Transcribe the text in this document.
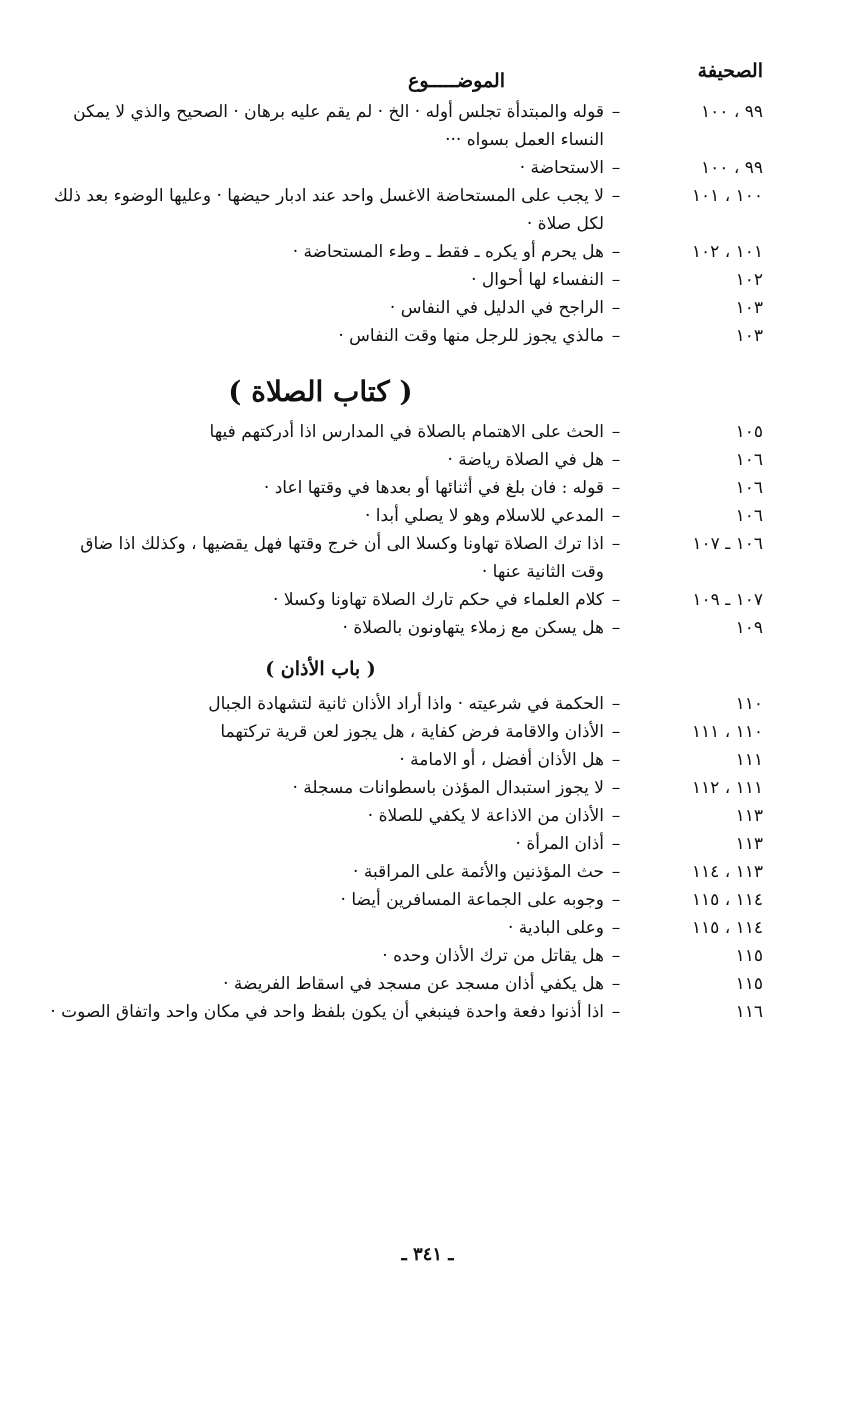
الصحيفة
الموضـــــوع
٩٩ ، ١٠٠
–
قوله والمبتدأة تجلس أوله · الخ · لم يقم عليه برهان · الصحيح والذي لا يمكن النساء العمل بسواه ···
٩٩ ، ١٠٠
–
الاستحاضة ·
١٠٠ ، ١٠١
–
لا يجب على المستحاضة الاغسل واحد عند ادبار حيضها · وعليها الوضوء بعد ذلك لكل صلاة ·
١٠١ ، ١٠٢
–
هل يحرم أو يكره ـ فقط ـ وطء المستحاضة ·
١٠٢
–
النفساء لها أحوال ·
١٠٣
–
الراجح في الدليل في النفاس ·
١٠٣
–
مالذي يجوز للرجل منها وقت النفاس ·
( كتاب الصلاة )
١٠٥
–
الحث على الاهتمام بالصلاة في المدارس اذا أدركتهم فيها
١٠٦
–
هل في الصلاة رياضة ·
١٠٦
–
قوله : فان بلغ في أثنائها أو بعدها في وقتها اعاد ·
١٠٦
–
المدعي للاسلام وهو لا يصلي أبدا ·
١٠٦ ـ ١٠٧
–
اذا ترك الصلاة تهاونا وكسلا الى أن خرج وقتها فهل يقضيها ، وكذلك اذا ضاق وقت الثانية عنها ·
١٠٧ ـ ١٠٩
–
كلام العلماء في حكم تارك الصلاة تهاونا وكسلا ·
١٠٩
–
هل يسكن مع زملاء يتهاونون بالصلاة ·
( باب الأذان )
١١٠
–
الحكمة في شرعيته · واذا أراد الأذان ثانية لتشهادة الجبال
١١٠ ، ١١١
–
الأذان والاقامة فرض كفاية ، هل يجوز لعن قرية تركتهما
١١١
–
هل الأذان أفضل ، أو الامامة ·
١١١ ، ١١٢
–
لا يجوز استبدال المؤذن باسطوانات مسجلة ·
١١٣
–
الأذان من الاذاعة لا يكفي للصلاة ·
١١٣
–
أذان المرأة ·
١١٣ ، ١١٤
–
حث المؤذنين والأئمة على المراقبة ·
١١٤ ، ١١٥
–
وجوبه على الجماعة المسافرين أيضا ·
١١٤ ، ١١٥
–
وعلى البادية ·
١١٥
–
هل يقاتل من ترك الأذان وحده ·
١١٥
–
هل يكفي أذان مسجد عن مسجد في اسقاط الفريضة ·
١١٦
–
اذا أذنوا دفعة واحدة فينبغي أن يكون بلفظ واحد في مكان واحد واتفاق الصوت ·
ـ ٣٤١ ـ
